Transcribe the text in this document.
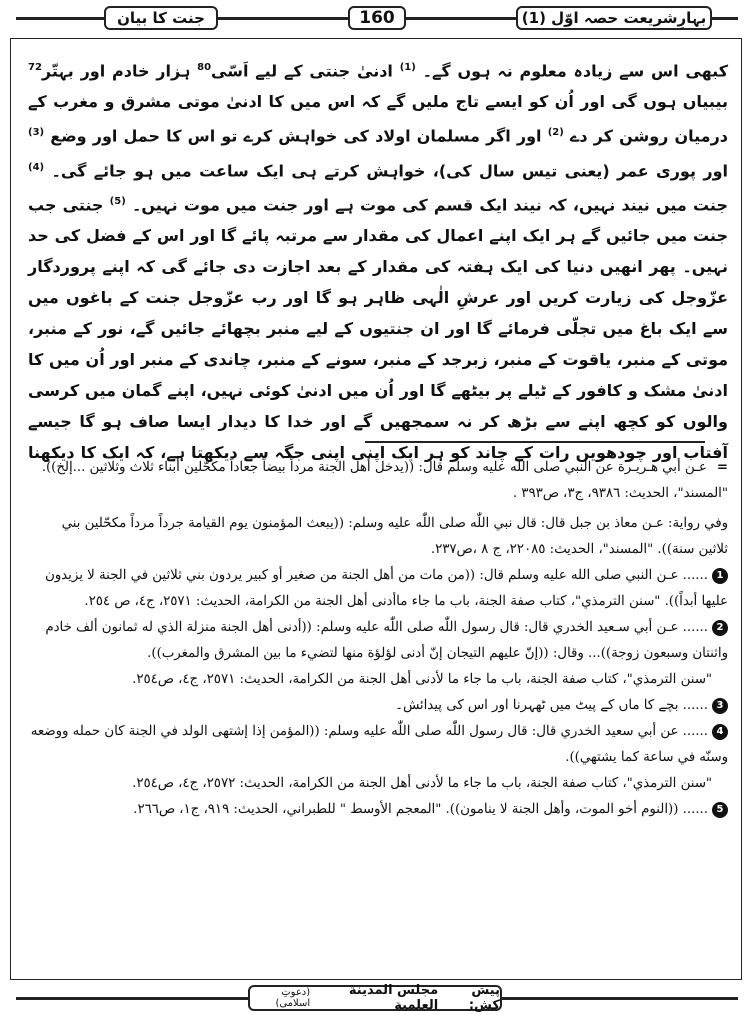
جنت کا بیان	160	بہارِشریعت حصہ اوّل (1)
کبھی اس سے زیادہ معلوم نہ ہوں گے۔ $^{(1)}$ ادنیٰ جنتی کے لیے اَسّی$^{80}$ ہزار خادم اور بہتّر$^{72}$ بیبیاں ہوں گی اور اُن کو ایسے تاج ملیں گے کہ اس میں کا ادنیٰ موتی مشرق و مغرب کے درمیان روشن کر دے $^{(2)}$ اور اگر مسلمان اولاد کی خواہش کرے تو اس کا حمل اور وضع $^{(3)}$ اور پوری عمر (یعنی تیس سال کی)، خواہش کرتے ہی ایک ساعت میں ہو جائے گی۔ $^{(4)}$ جنت میں نیند نہیں، کہ نیند ایک قسم کی موت ہے اور جنت میں موت نہیں۔ $^{(5)}$ جنتی جب جنت میں جائیں گے ہر ایک اپنے اعمال کی مقدار سے مرتبہ پائے گا اور اس کے فضل کی حد نہیں۔ پھر انھیں دنیا کی ایک ہفتہ کی مقدار کے بعد اجازت دی جائے گی کہ اپنے پروردگار عزّوجل کی زیارت کریں اور عرشِ الٰہی ظاہر ہو گا اور رب عزّوجل جنت کے باغوں میں سے ایک باغ میں تجلّی فرمائے گا اور ان جنتیوں کے لیے منبر بچھائے جائیں گے، نور کے منبر، موتی کے منبر، یاقوت کے منبر، زبرجد کے منبر، سونے کے منبر، چاندی کے منبر اور اُن میں کا ادنیٰ مشک و کافور کے ٹیلے پر بیٹھے گا اور اُن میں ادنیٰ کوئی نہیں، اپنے گمان میں کرسی والوں کو کچھ اپنے سے بڑھ کر نہ سمجھیں گے اور خدا کا دیدار ایسا صاف ہو گا جیسے آفتاب اور چودھویں رات کے چاند کو ہر ایک اپنی اپنی جگہ سے دیکھتا ہے، کہ ایک کا دیکھنا

=عـن أبي هـريـرة عن النبي صلى الله عليه وسلم قال: ((يدخل أهل الجنة مرداً بيضاً جعاداً مكحّلين أبناء ثلاث وثلاثين ...إلخ)). "المسند"، الحديث: ٩٣٨٦، ج٣، ص٣٩٣ .

وفي رواية: عـن معاذ بن جبل قال: قال نبي اللّٰه صلى اللّٰه عليه وسلم: ((يبعث المؤمنون يوم القيامة جرداً مرداً مكحّلين بني ثلاثين سنة)). "المسند"، الحديث: ٢٢٠٨٥، ج ٨ ،ص٢٣٧.

1...... عـن النبي صلى الله عليه وسلم قال: ((من مات من أهل الجنة من صغير أو كبير يردون بني ثلاثين في الجنة لا يزيدون عليها أبداً)). "سنن الترمذي"، كتاب صفة الجنة، باب ما جاء ماأدنى أهل الجنة من الكرامة، الحديث: ٢٥٧١، ج٤، ص ٢٥٤.

2...... عـن أبي سـعيد الخدري قال: قال رسول اللّٰه صلى اللّٰه عليه وسلم: ((أدنى أهل الجنة منزلة الذي له ثمانون ألف خادم واثنتان وسبعون زوجة))... وقال: ((إنّ عليهم التيجان إنّ أدنى لؤلؤة منها لتضيء ما بين المشرق والمغرب)).

"سنن الترمذي"، كتاب صفة الجنة، باب ما جاء ما لأدنى أهل الجنة من الكرامة، الحديث: ٢٥٧١، ج٤، ص٢٥٤.

3...... بچے کا ماں کے پیٹ میں ٹھہرنا اور اس کی پیدائش۔

4...... عن أبي سعيد الخدري قال: قال رسول اللّٰه صلى اللّٰه عليه وسلم: ((المؤمن إذا إشتهى الولد في الجنة كان حمله ووضعه وسنّه في ساعة كما يشتهي)).

"سنن الترمذي"، كتاب صفة الجنة، باب ما جاء ما لأدنى أهل الجنة من الكرامة، الحديث: ٢٥٧٢، ج٤، ص٢٥٤.

5...... ((النوم أخو الموت، وأهل الجنة لا ينامون)). "المعجم الأوسط " للطبراني، الحديث: ٩١٩، ج١، ص٢٦٦.

پیش کش:
مجلس المدينة العلمية
(دعوتِ اسلامی)
